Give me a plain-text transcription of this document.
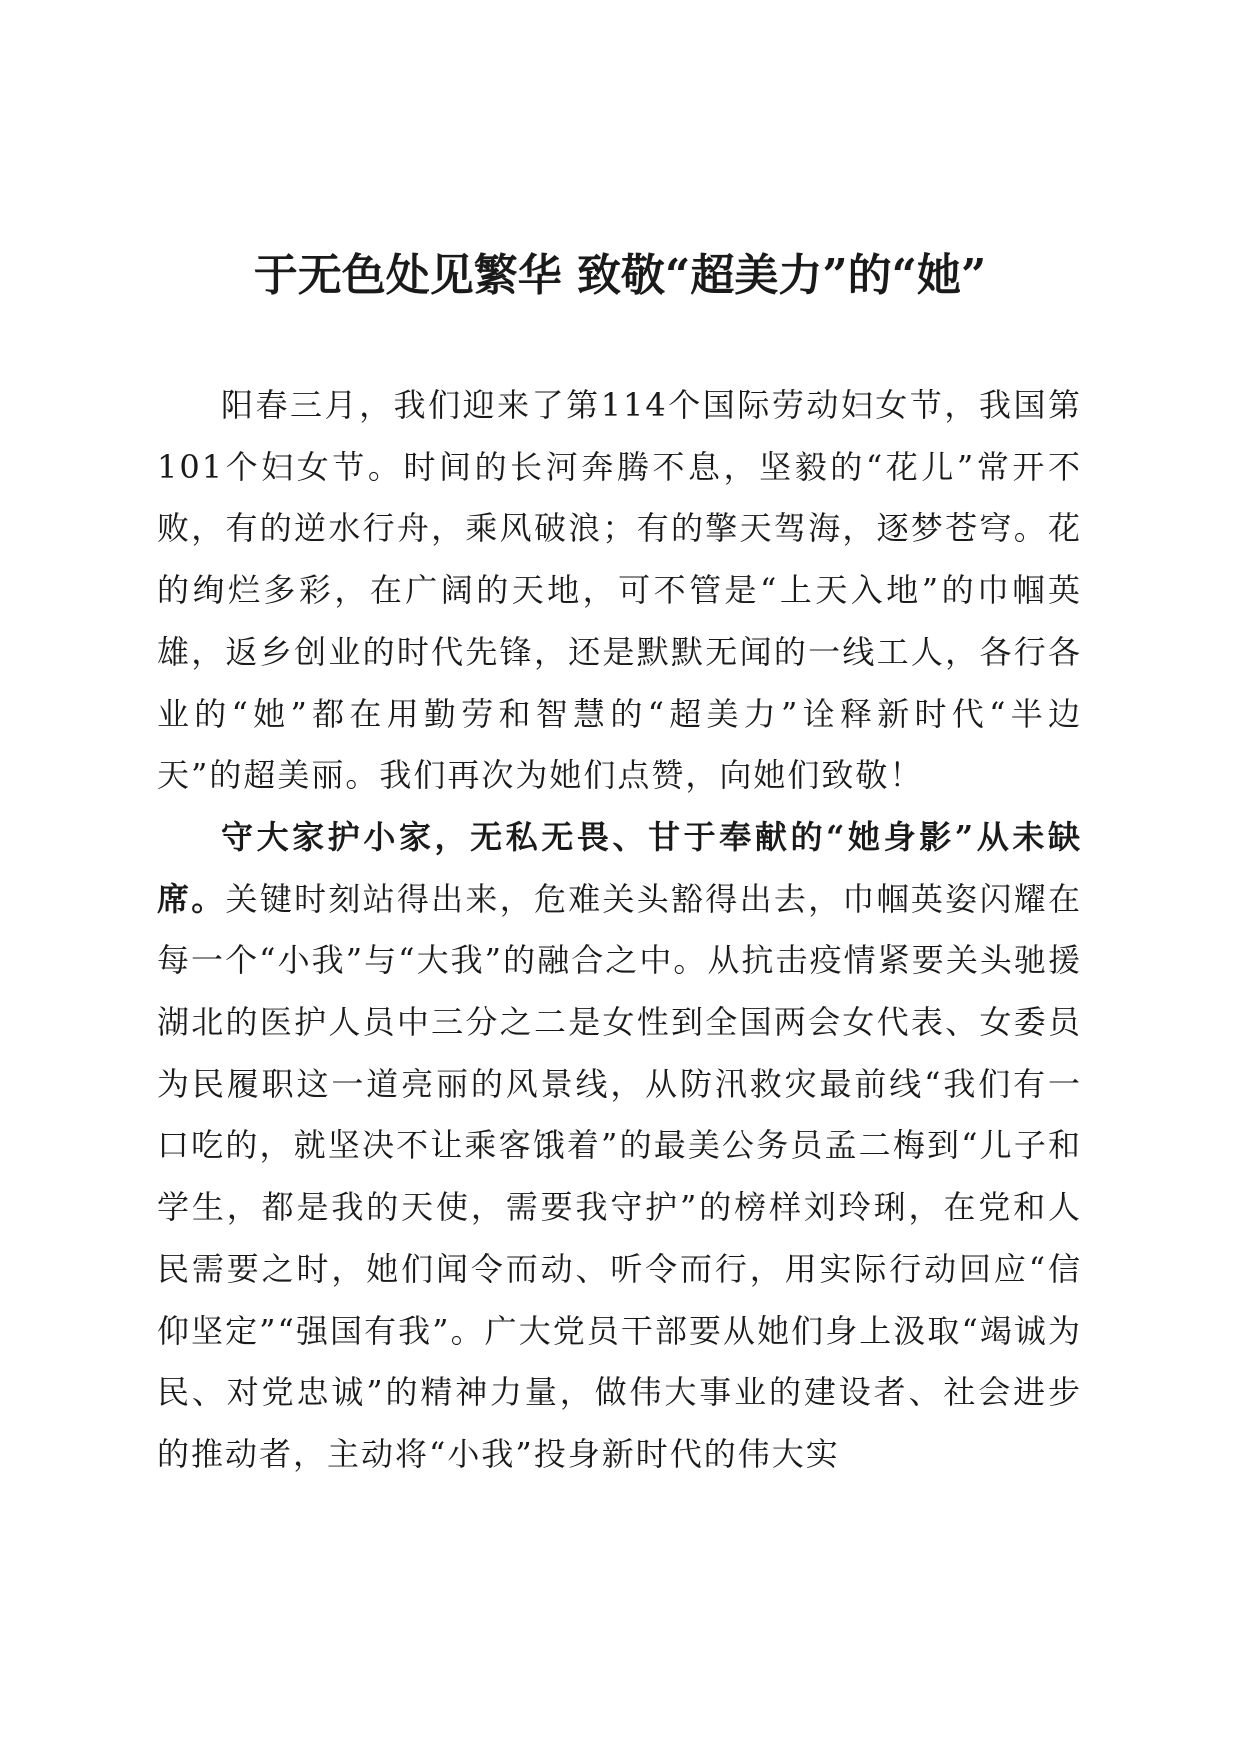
于无色处见繁华 致敬“超美力”的“她”

阳春三月，我们迎来了第114个国际劳动妇女节，我国第101个妇女节。时间的长河奔腾不息，坚毅的“花儿”常开不败，有的逆水行舟，乘风破浪；有的擎天驾海，逐梦苍穹。花的绚烂多彩，在广阔的天地，可不管是“上天入地”的巾帼英雄，返乡创业的时代先锋，还是默默无闻的一线工人，各行各业的“她”都在用勤劳和智慧的“超美力”诠释新时代“半边天”的超美丽。我们再次为她们点赞，向她们致敬！

守大家护小家，无私无畏、甘于奉献的“她身影”从未缺席。关键时刻站得出来，危难关头豁得出去，巾帼英姿闪耀在每一个“小我”与“大我”的融合之中。从抗击疫情紧要关头驰援湖北的医护人员中三分之二是女性到全国两会女代表、女委员为民履职这一道亮丽的风景线，从防汛救灾最前线“我们有一口吃的，就坚决不让乘客饿着”的最美公务员孟二梅到“儿子和学生，都是我的天使，需要我守护”的榜样刘玲琍，在党和人民需要之时，她们闻令而动、听令而行，用实际行动回应“信仰坚定”“强国有我”。广大党员干部要从她们身上汲取“竭诚为民、对党忠诚”的精神力量，做伟大事业的建设者、社会进步的推动者，主动将“小我”投身新时代的伟大实
